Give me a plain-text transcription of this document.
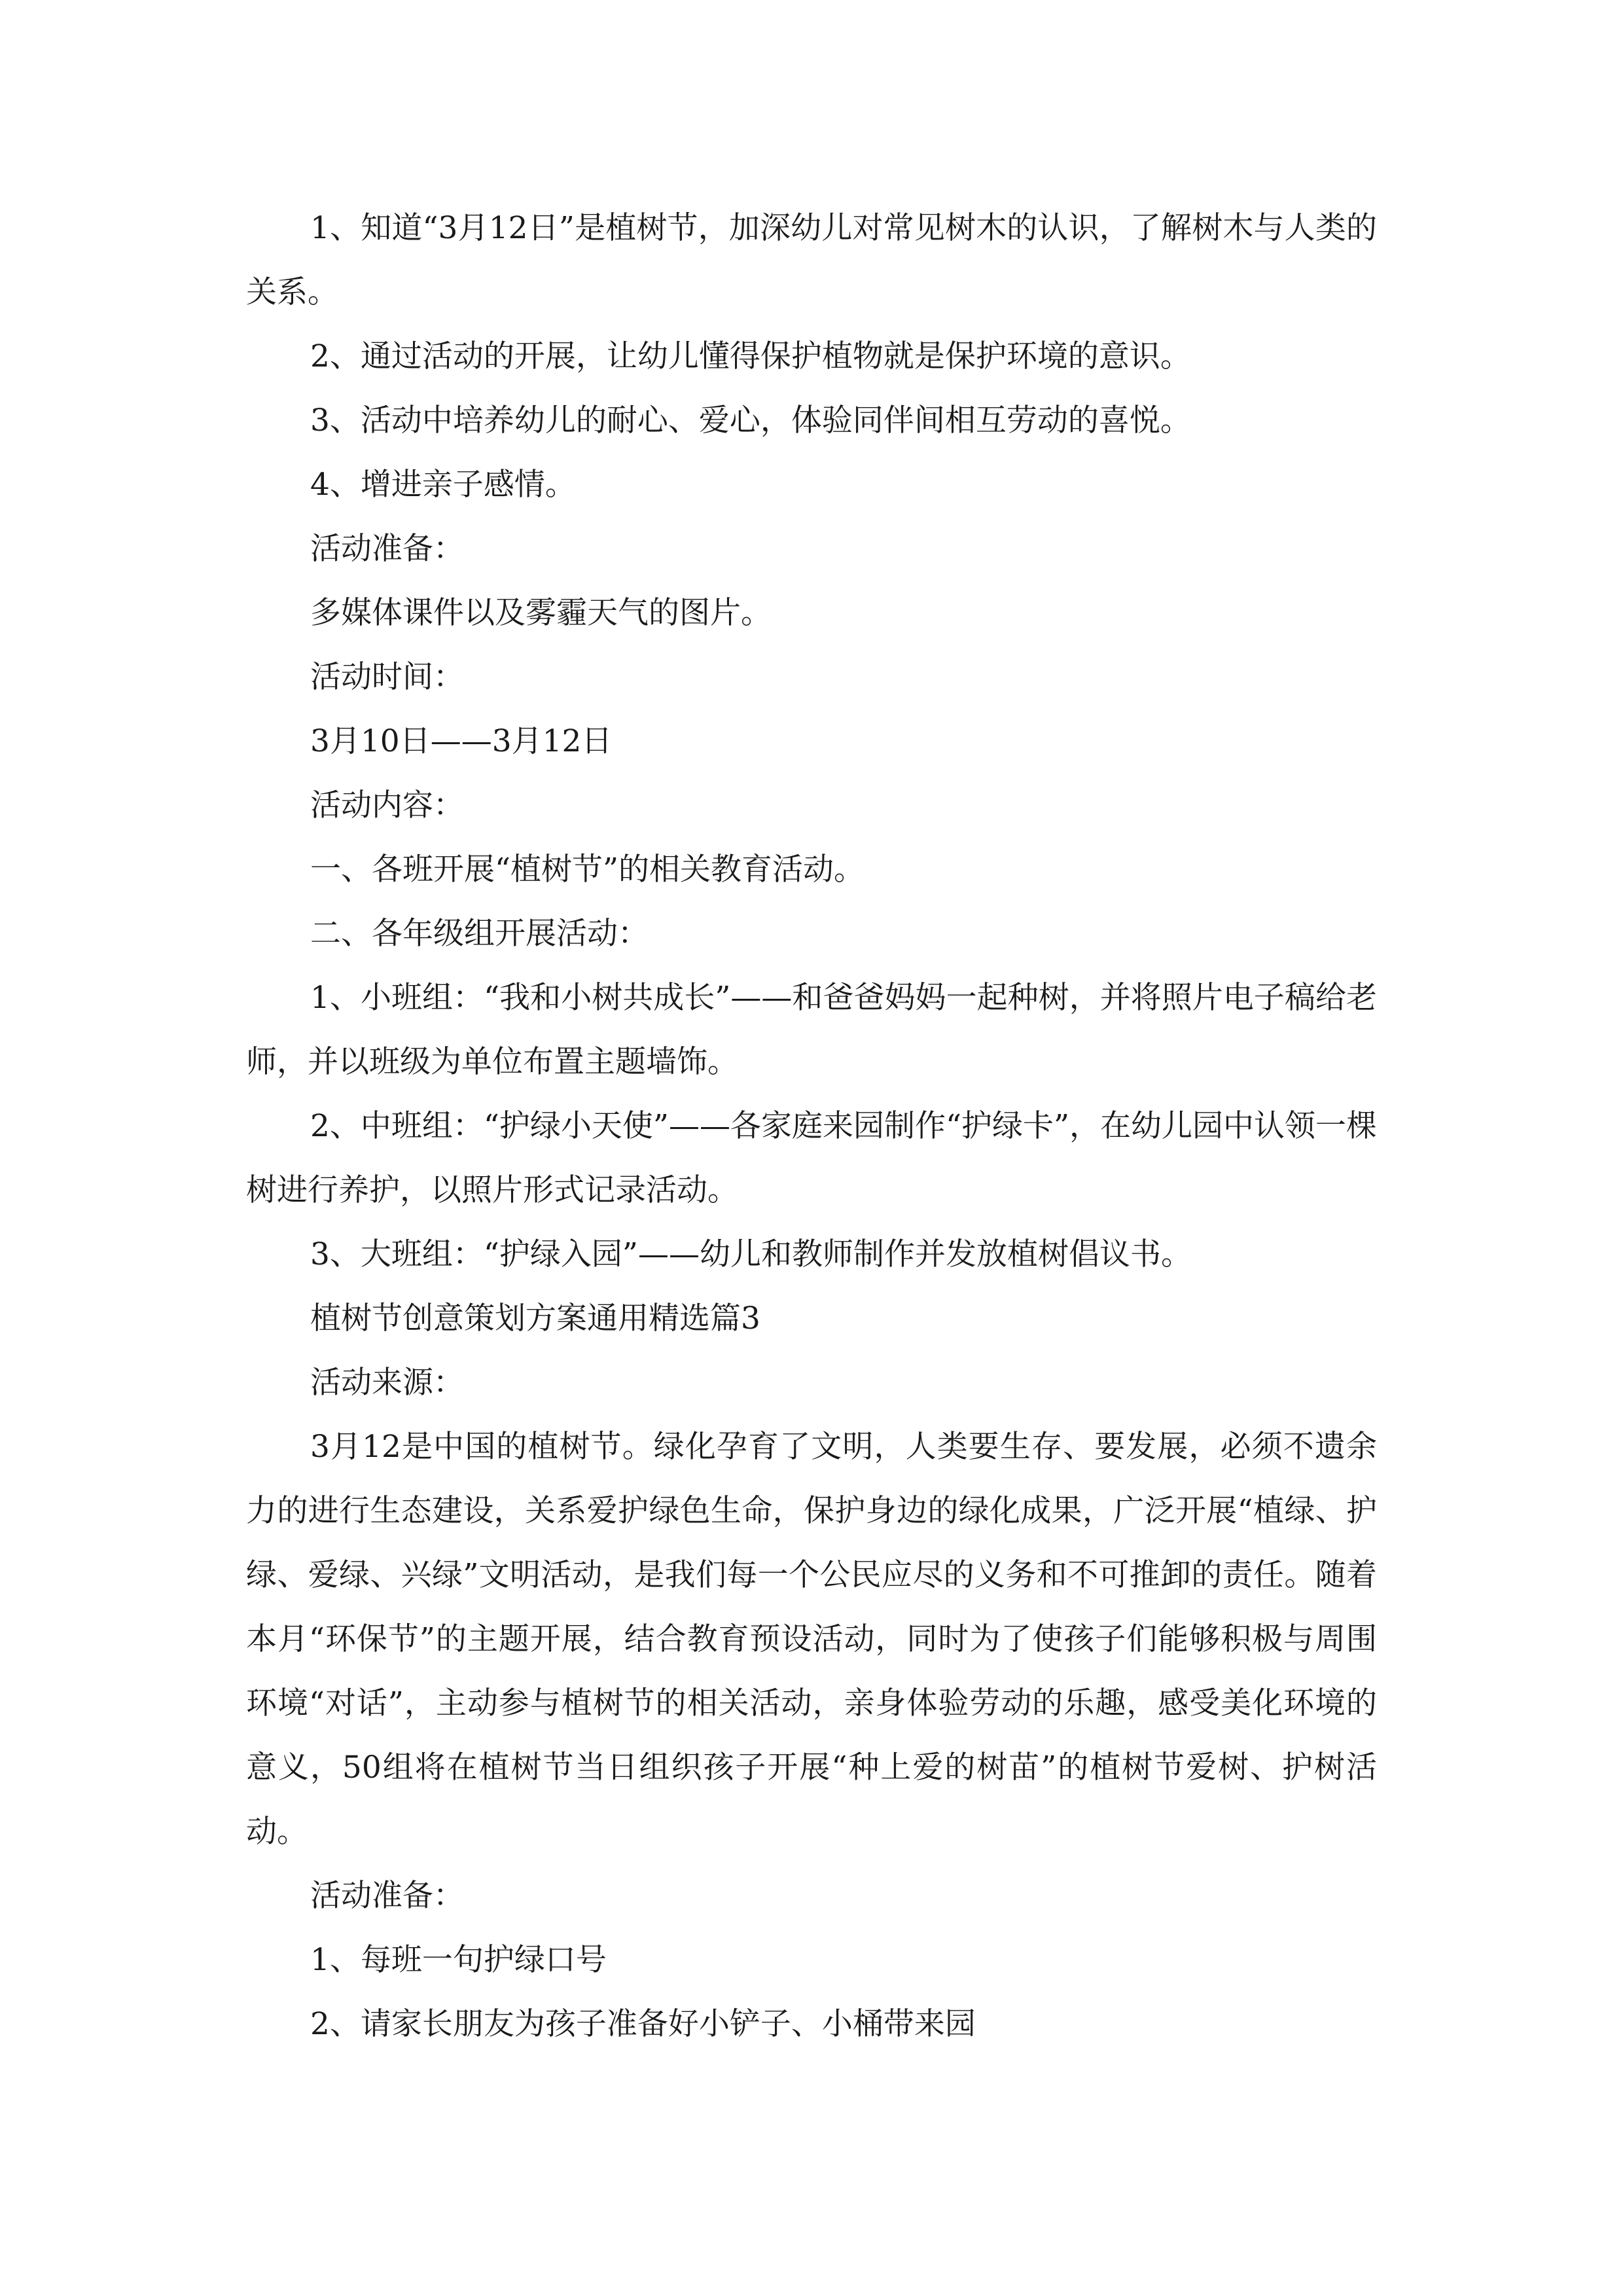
1、知道“3月12日”是植树节，加深幼儿对常见树木的认识，了解树木与人类的关系。

2、通过活动的开展，让幼儿懂得保护植物就是保护环境的意识。

3、活动中培养幼儿的耐心、爱心，体验同伴间相互劳动的喜悦。

4、增进亲子感情。

活动准备：

多媒体课件以及雾霾天气的图片。

活动时间：

3月10日——3月12日

活动内容：

一、各班开展“植树节”的相关教育活动。

二、各年级组开展活动：

1、小班组：“我和小树共成长”——和爸爸妈妈一起种树，并将照片电子稿给老师，并以班级为单位布置主题墙饰。

2、中班组：“护绿小天使”——各家庭来园制作“护绿卡”，在幼儿园中认领一棵树进行养护，以照片形式记录活动。

3、大班组：“护绿入园”——幼儿和教师制作并发放植树倡议书。

植树节创意策划方案通用精选篇3

活动来源：

3月12是中国的植树节。绿化孕育了文明，人类要生存、要发展，必须不遗余力的进行生态建设，关系爱护绿色生命，保护身边的绿化成果，广泛开展“植绿、护绿、爱绿、兴绿”文明活动，是我们每一个公民应尽的义务和不可推卸的责任。随着本月“环保节”的主题开展，结合教育预设活动，同时为了使孩子们能够积极与周围环境“对话”，主动参与植树节的相关活动，亲身体验劳动的乐趣，感受美化环境的意义，50组将在植树节当日组织孩子开展“种上爱的树苗”的植树节爱树、护树活动。

活动准备：

1、每班一句护绿口号

2、请家长朋友为孩子准备好小铲子、小桶带来园
